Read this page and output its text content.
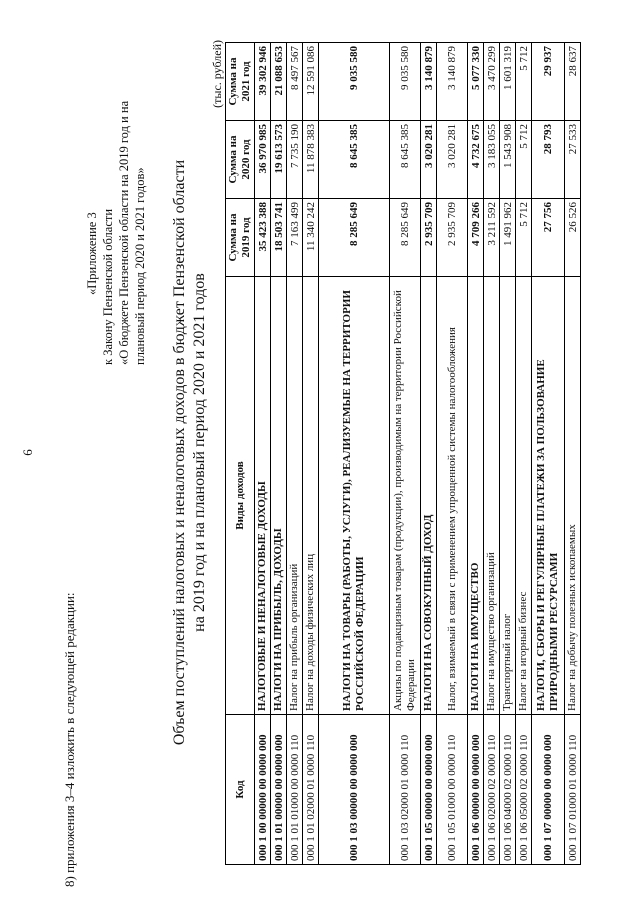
6
8) приложения 3–4 изложить в следующей редакции:
«Приложение 3 к Закону Пензенской области «О бюджете Пензенской области на 2019 год и на плановый период 2020 и 2021 годов» Объем поступлений налоговых и неналоговых доходов в бюджет Пензенской области на 2019 год и на плановый период 2020 и 2021 годов
(тыс. рублей)
Код	Виды доходов	Сумма на 2019 год	Сумма на 2020 год	Сумма на 2021 год
000 1 00 00000 00 0000 000	НАЛОГОВЫЕ И НЕНАЛОГОВЫЕ ДОХОДЫ	35 423 388	36 970 985	39 302 946
000 1 01 00000 00 0000 000	НАЛОГИ НА ПРИБЫЛЬ, ДОХОДЫ	18 503 741	19 613 573	21 088 653
000 1 01 01000 00 0000 110	Налог на прибыль организаций	7 163 499	7 735 190	8 497 567
000 1 01 02000 01 0000 110	Налог на доходы физических лиц	11 340 242	11 878 383	12 591 086
000 1 03 00000 00 0000 000	НАЛОГИ НА ТОВАРЫ (РАБОТЫ, УСЛУГИ), РЕАЛИЗУЕМЫЕ НА ТЕРРИТОРИИ РОССИЙСКОЙ ФЕДЕРАЦИИ	8 285 649	8 645 385	9 035 580
000 1 03 02000 01 0000 110	Акцизы по подакцизным товарам (продукции), производимым на территории Российской Федерации	8 285 649	8 645 385	9 035 580
000 1 05 00000 00 0000 000	НАЛОГИ НА СОВОКУПНЫЙ ДОХОД	2 935 709	3 020 281	3 140 879
000 1 05 01000 00 0000 110	Налог, взимаемый в связи с применением упрощенной системы налогообложения	2 935 709	3 020 281	3 140 879
000 1 06 00000 00 0000 000	НАЛОГИ НА ИМУЩЕСТВО	4 709 266	4 732 675	5 077 330
000 1 06 02000 02 0000 110	Налог на имущество организаций	3 211 592	3 183 055	3 470 299
000 1 06 04000 02 0000 110	Транспортный налог	1 491 962	1 543 908	1 601 319
000 1 06 05000 02 0000 110	Налог на игорный бизнес	5 712	5 712	5 712
000 1 07 00000 00 0000 000	НАЛОГИ, СБОРЫ И РЕГУЛЯРНЫЕ ПЛАТЕЖИ ЗА ПОЛЬЗОВАНИЕ ПРИРОДНЫМИ РЕСУРСАМИ	27 756	28 793	29 937
000 1 07 01000 01 0000 110	Налог на добычу полезных ископаемых	26 526	27 533	28 637
